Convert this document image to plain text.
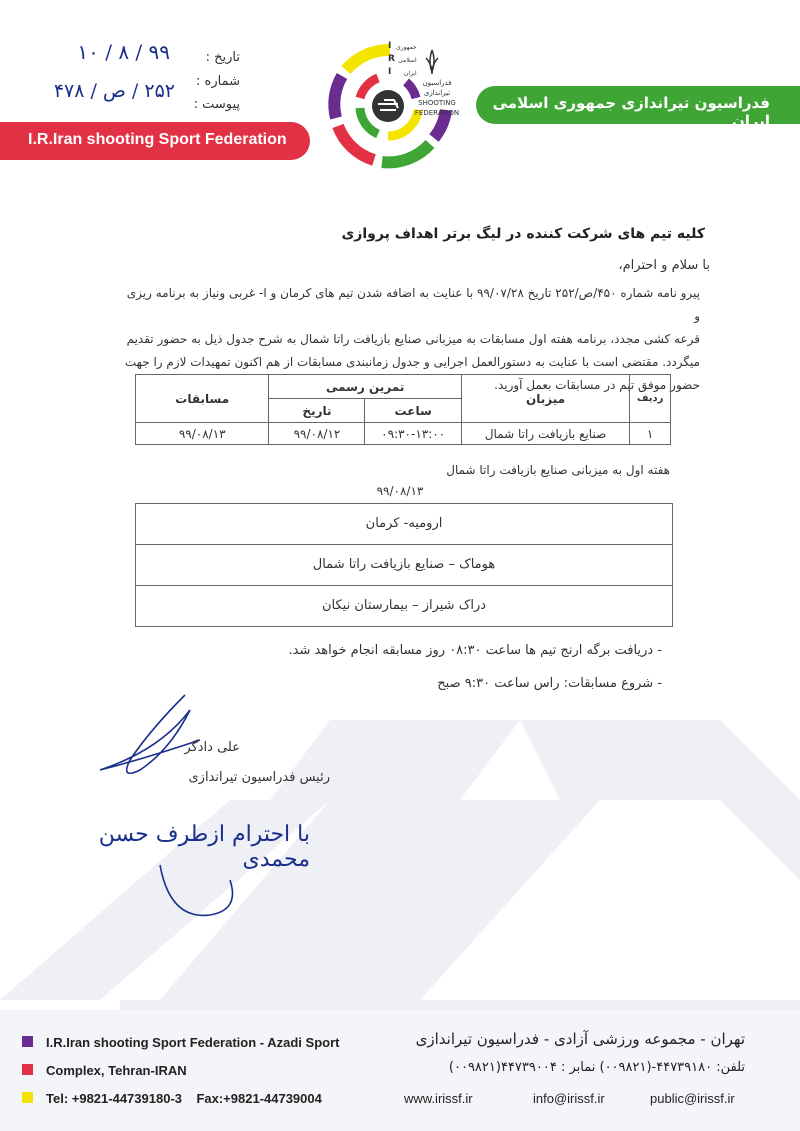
تاریخ :
شماره :
پیوست :
۹۹ / ۸ / ۱۰
۲۵۲ / ص / ۴۷۸
I
R
I
جمهوری
اسلامی
ایران
فدراسیون تیراندازی
SHOOTING
FEDERATION
فدراسیون تیراندازی جمهوری اسلامی ایران
I.R.Iran shooting Sport Federation
کلیه تیم های شرکت کننده در لیگ برتر اهداف پروازی
با سلام و احترام،
پیرو نامه شماره ۴۵۰/ص/۲۵۲ تاریخ ۹۹/۰۷/۲۸ با عنایت به اضافه شدن تیم های کرمان و ا- غربی ونیاز به برنامه ریزی و
قرعه کشی مجدد، برنامه هفته اول مسابقات به میزبانی صنایع بازیافت راتا شمال به شرح جدول ذیل به حضور تقدیم
میگردد. مقتضی است با عنایت به دستورالعمل اجرایی و جدول زمانبندی مسابقات از هم اکنون تمهیدات لازم را جهت
حضور موفق تیم در مسابقات بعمل آورید.
ردیف	میزبان	تمرین رسمی		مسابقات
		ساعت	تاریخ	
۱	صنایع بازیافت راتا شمال	۰۹:۳۰-۱۳:۰۰	۹۹/۰۸/۱۲	۹۹/۰۸/۱۳
هفته اول به میزبانی صنایع بازیافت راتا شمال
۹۹/۰۸/۱۳
ارومیه- کرمان
هوماک – صنایع بازیافت راتا شمال
دراک شیراز – بیمارستان نیکان
- دریافت برگه ارنج تیم ها ساعت ۰۸:۳۰ روز مسابقه انجام خواهد شد.
- شروع مسابقات: راس ساعت ۹:۳۰ صبح
علی دادگر
رئیس فدراسیون تیراندازی
با احترام ازطرف حسن محمدی
I.R.Iran shooting Sport Federation - Azadi Sport
Complex, Tehran-IRAN
Tel: +9821-44739180-3    Fax:+9821-44739004
تهران - مجموعه ورزشی آزادی - فدراسیون تیراندازی
تلفن: ۴۴۷۳۹۱۸۰-(۰۰۹۸۲۱) نمابر : ۴۴۷۳۹۰۰۴(۰۰۹۸۲۱)
www.irissf.ir	info@irissf.ir	public@irissf.ir
